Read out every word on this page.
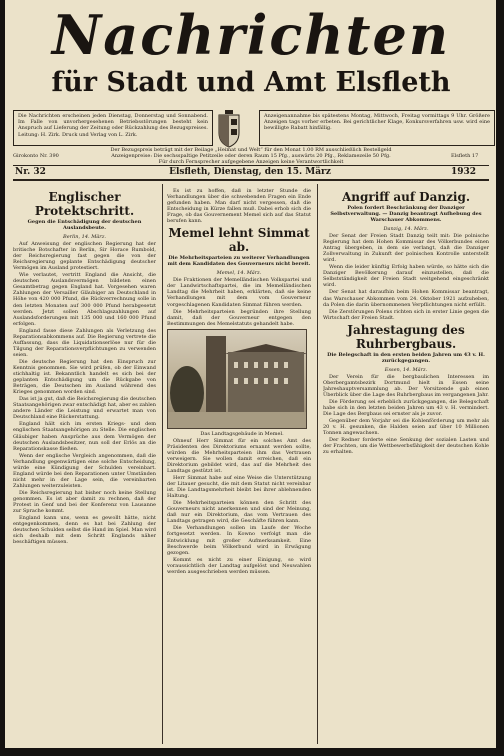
Nachrichten
für Stadt und Amt Elsfleth
Die Nachrichten erscheinen jeden Dienstag, Donnerstag und Sonnabend. Im Falle von unvorhergesehenen Betriebsstörungen besteht kein Anspruch auf Lieferung der Zeitung oder Rückzahlung des Bezugspreises. Leitung: H. Zirk. Druck und Verlag von L. Zirk.
Anzeigenannahme bis spätestens Montag, Mittwoch, Freitag vormittags 9 Uhr. Größere Anzeigen tags vorher erbeten. Bei gerichtlicher Klage, Konkursverfahren usw. wird eine bewilligte Rabatt hinfällig.
Der Bezugspreis beträgt mit der Beilage „Heimat und Welt“ für den Monat 1.00 RM ausschließlich Bestellgeld
Anzeigenpreise: Die sechsspaltige Petitzeile oder deren Raum 15 Pfg., auswärts 20 Pfg., Reklamezeile 50 Pfg.
Für durch Fernsprecher aufgegebene Anzeigen keine Verantwortlichkeit
Girokonto Nr. 390	Elsfleth 17
Nr. 32	Elsfleth, Dienstag, den 15. März	1932
Englischer Protektschritt.
Gegen die Entschädigung der deutschen Auslandsbeute.

Berlin, 14. März.

Auf Anweisung der englischen Regierung hat der britische Botschafter in Berlin, Sir Horace Rumbold, der Reichsregierung fast gegen die von der Reichsregierung geplante Entschädigung deutscher Vermögen im Ausland protestiert.

Wie verlautet, vertritt England die Ansicht, die deutschen Auslandsvermögen bildeten einen Gesamtbetrag gegen England hat. Vorgesehen waren Zahlungen der Versailler Gläubiger an Deutschland in Höhe von 420 000 Pfund, die Rückverrechnung solle in den letzten Monaten auf 300 000 Pfund herabgesetzt werden. Jetzt sollen Abschlagszahlungen auf Auslandsforderungen mit 135 000 und 160 000 Pfund erfolgen.

England fasse diese Zahlungen als Verletzung des Reparationsabkommens auf. Die Regierung vertrete die Auffassung, dass die Liquidationserlöse nur für die Tilgung der Reparationsverpflichtungen zu verwenden seien.

Die deutsche Regierung hat den Einspruch zur Kenntnis genommen. Sie wird prüfen, ob der Einwand stichhaltig ist. Bekanntlich handelt es sich bei der geplanten Entschädigung um die Rückgabe von Beträgen, die Deutschen im Ausland während des Krieges genommen worden sind.

Das ist ja gut, daß die Reichsregierung die deutschen Staatsangehörigen zwar entschädigt hat, aber es zahlen andere Länder die Leistung und erwartet man von Deutschland eine Rückerstattung.

England hält sich im ersten Kriegs- und dem englischen Staatsangehörigen zu Stelle. Die englischen Gläubiger haben Ansprüche aus dem Vermögen der deutschen Auslandsbesitzer, nun soll der Erlös an die Reparationskasse fließen.

Wenn der englische Vergleich angenommen, daß die Verhandlung gegenwärtigen eine solche Entscheidung, würde eine Kündigung der Schulden vereinbart. England würde bei den Reparationen unter Umständen nicht mehr in der Lage sein, die vereinbarten Zahlungen weiterzuleisten.

Die Reichsregierung hat bisher noch keine Stellung genommen. Es ist aber damit zu rechnen, daß der Protest in Genf und bei der Konferenz von Lausanne zur Sprache kommt.

England kann uns, wenn es gewollt hätte, nicht entgegenkommen, denn es hat bei Zahlung der deutschen Schulden selbst die Hand im Spiel. Man wird sich deshalb mit dem Schritt Englands näher beschäftigen müssen.

Es ist zu hoffen, daß in letzter Stunde die Verhandlungen über die schwebenden Fragen ein Ende gefunden haben. Man darf nicht vergessen, daß die Entscheidung in Kürze fallen muß. Dabei erhob sich die Frage, ob das Gouvernement Memel sich auf das Statut berufen kann.

Memel lehnt Simmat ab.
Die Mehrheitsparteien zu weiterer Verhandlungen mit dem Kandidaten des Gouverneurs nicht bereit.

Memel, 14. März.

Die Fraktionen der Memelländischen Volkspartei und der Landwirtschaftspartei, die im Memelländischen Landtag die Mehrheit haben, erklärten, daß sie keine Verhandlungen mit dem vom Gouverneur vorgeschlagenen Kandidaten Simmat führen werden.

Die Mehrheitsparteien begründen ihre Stellung damit, daß der Gouverneur entgegen den Bestimmungen des Memelstatuts gehandelt habe.

Das Landtagsgebäude in Memel.

Ohneuf Herr Simmat für ein solches Amt des Präsidenten des Direktoriums ernannt werden sollte, würden die Mehrheitsparteien ihm das Vertrauen verweigern. Sie wollen damit erreichen, daß ein Direktorium gebildet wird, das auf die Mehrheit des Landtags gestützt ist.

Herr Simmat habe auf eine Weise die Unterstützung der Litauer gesucht, die mit dem Statut nicht vereinbar ist. Die Landtagsmehrheit bleibt bei ihrer ablehnenden Haltung.

Die Mehrheitsparteien können den Schritt des Gouverneurs nicht anerkennen und sind der Meinung, daß nur ein Direktorium, das vom Vertrauen des Landtags getragen wird, die Geschäfte führen kann.

Die Verhandlungen sollen im Laufe der Woche fortgesetzt werden. In Kowno verfolgt man die Entwicklung mit großer Aufmerksamkeit. Eine Beschwerde beim Völkerbund wird in Erwägung gezogen.

Kommt es nicht zu einer Einigung, so wird voraussichtlich der Landtag aufgelöst und Neuwahlen werden ausgeschrieben werden müssen.

Angriff auf Danzig.
Polen fordert Beschränkung der Danziger Selbstverwaltung. — Danzig beantragt Aufhebung des Warschauer Abkommens.

Danzig, 14. März.

Der Senat der Freien Stadt Danzig teilt mit: Die polnische Regierung hat dem Hohen Kommissar des Völkerbundes einen Antrag übergeben, in dem sie verlangt, daß die Danziger Zollverwaltung in Zukunft der polnischen Kontrolle unterstellt wird.

Wenn die leider künftig Erfolg haben würde, so hätte sich die Danziger Bevölkerung darauf einzustellen, daß die Selbstständigkeit der Freien Stadt weitgehend eingeschränkt wird.

Der Senat hat daraufhin beim Hohen Kommissar beantragt, das Warschauer Abkommen vom 24. Oktober 1921 aufzuheben, da Polen die darin übernommenen Verpflichtungen nicht erfüllt.

Die Zerstörungen Polens richten sich in erster Linie gegen die Wirtschaft der Freien Stadt.

Jahrestagung des Ruhrbergbaus.
Die Belegschaft in den ersten beiden Jahren um 43 v. H. zurückgegangen.

Essen, 14. März.

Der Verein für die bergbaulichen Interessen im Oberbergamtsbezirk Dortmund hielt in Essen seine Jahreshauptversammlung ab. Der Vorsitzende gab einen Überblick über die Lage des Ruhrbergbaus im vergangenen Jahr.

Die Förderung sei erheblich zurückgegangen, die Belegschaft habe sich in den letzten beiden Jahren um 43 v. H. vermindert. Die Lage des Bergbaus sei ernster als je zuvor.

Gegenüber dem Vorjahr sei die Kohlenförderung um mehr als 20 v. H. gesunken, die Halden seien auf über 10 Millionen Tonnen angewachsen.

Der Redner forderte eine Senkung der sozialen Lasten und der Frachten, um die Wettbewerbsfähigkeit der deutschen Kohle zu erhalten.
